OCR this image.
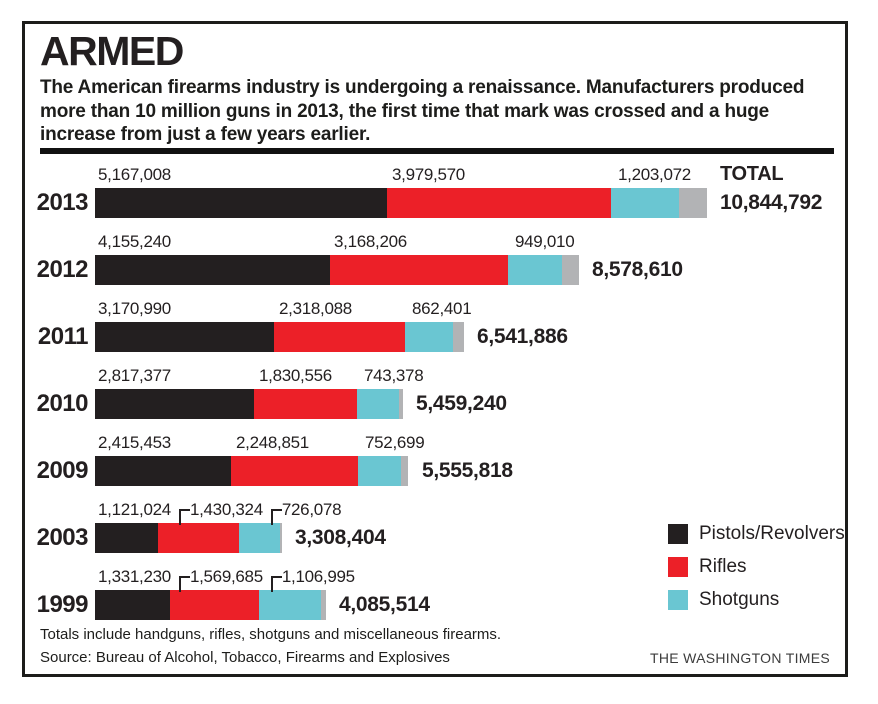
ARMED
The American firearms industry is undergoing a renaissance. Manufacturers produced more than 10 million guns in 2013, the first time that mark was crossed and a huge increase from just a few years earlier.
2013
5,167,008	3,979,570	1,203,072 TOTAL
10,844,792
2012
4,155,240	3,168,206	949,010
8,578,610
2011
3,170,990	2,318,088	862,401
6,541,886
2010
2,817,377	1,830,556 743,378
5,459,240
2009
2,415,453	2,248,851	752,699
5,555,818
2003
1,121,024 1,430,324 726,078
3,308,404
1999
1,331,230 1,569,685 1,106,995
4,085,514
Pistols/Revolvers
Rifles
Shotguns
Totals include handguns, rifles, shotguns and miscellaneous firearms.
Source: Bureau of Alcohol, Tobacco, Firearms and Explosives	THE WASHINGTON TIMES
